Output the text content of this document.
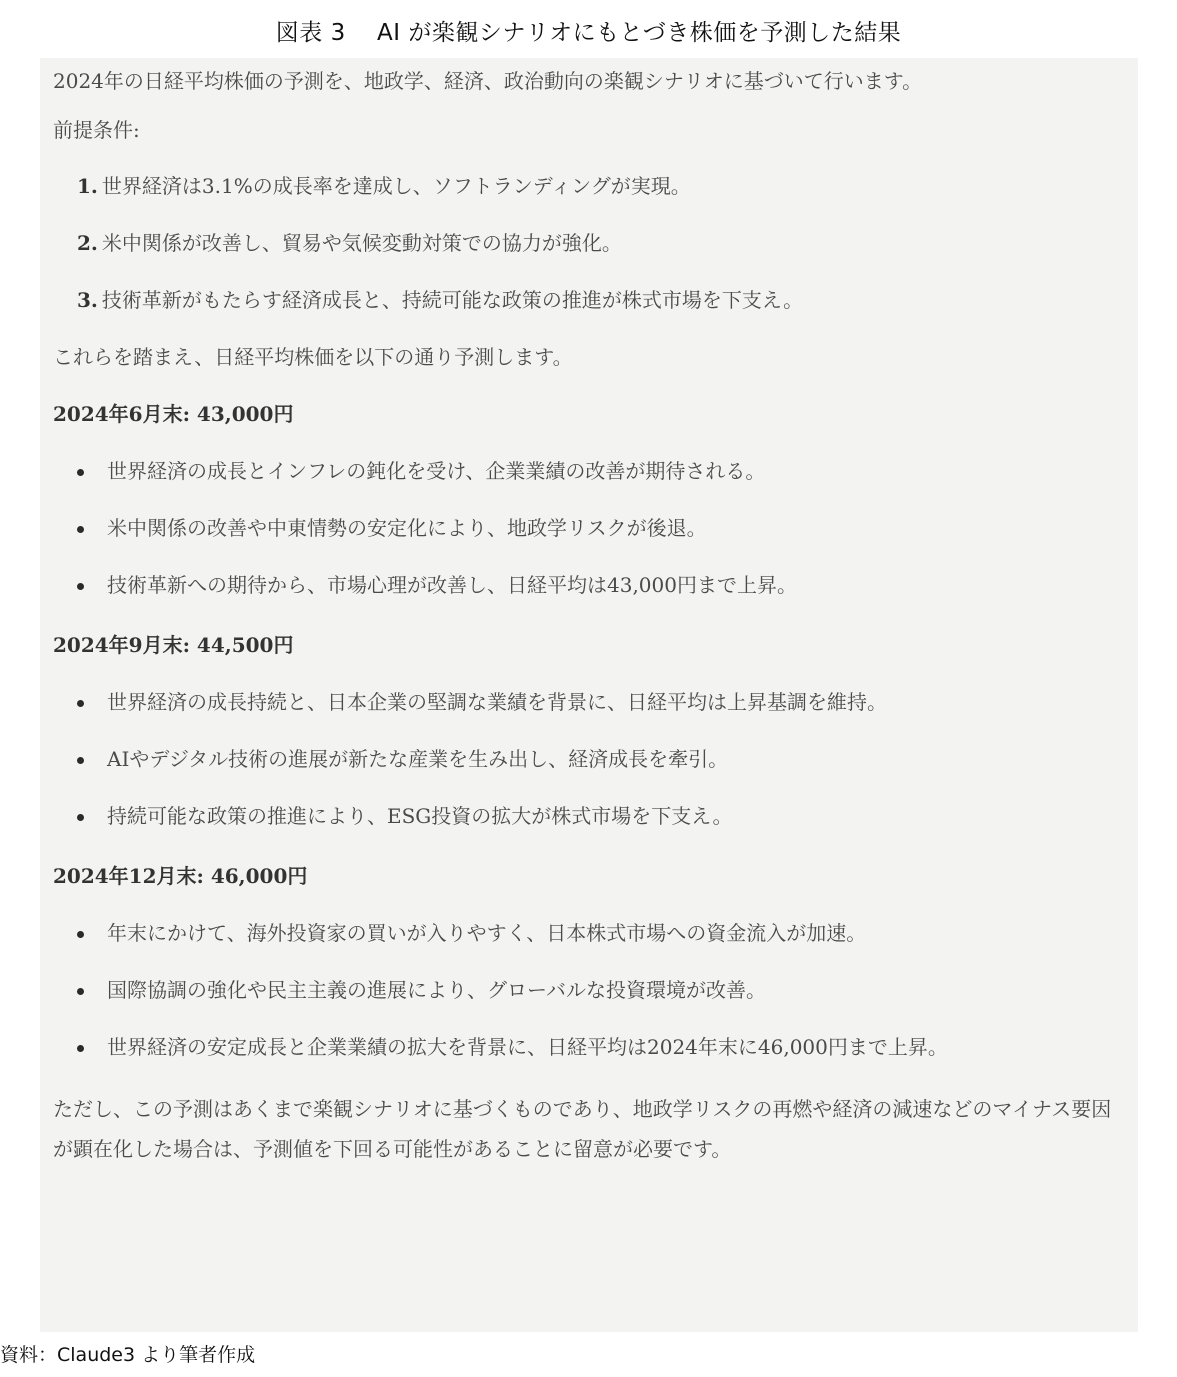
図表 3　 AI が楽観シナリオにもとづき株価を予測した結果

2024年の日経平均株価の予測を、地政学、経済、政治動向の楽観シナリオに基づいて行います。

前提条件:

1. 世界経済は3.1%の成長率を達成し、ソフトランディングが実現。
2. 米中関係が改善し、貿易や気候変動対策での協力が強化。
3. 技術革新がもたらす経済成長と、持続可能な政策の推進が株式市場を下支え。

これらを踏まえ、日経平均株価を以下の通り予測します。

2024年6月末: 43,000円

世界経済の成長とインフレの鈍化を受け、企業業績の改善が期待される。
米中関係の改善や中東情勢の安定化により、地政学リスクが後退。
技術革新への期待から、市場心理が改善し、日経平均は43,000円まで上昇。

2024年9月末: 44,500円

世界経済の成長持続と、日本企業の堅調な業績を背景に、日経平均は上昇基調を維持。
AIやデジタル技術の進展が新たな産業を生み出し、経済成長を牽引。
持続可能な政策の推進により、ESG投資の拡大が株式市場を下支え。

2024年12月末: 46,000円

年末にかけて、海外投資家の買いが入りやすく、日本株式市場への資金流入が加速。
国際協調の強化や民主主義の進展により、グローバルな投資環境が改善。
世界経済の安定成長と企業業績の拡大を背景に、日経平均は2024年末に46,000円まで上昇。

ただし、この予測はあくまで楽観シナリオに基づくものであり、地政学リスクの再燃や経済の減速などのマイナス要因が顕在化した場合は、予測値を下回る可能性があることに留意が必要です。

資料：Claude3 より筆者作成
